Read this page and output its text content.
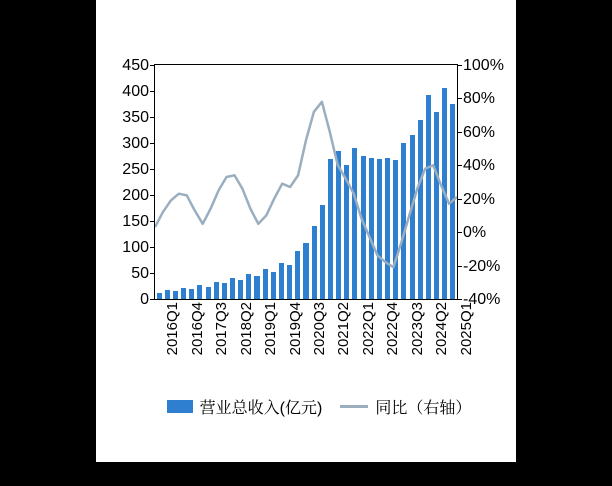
0
50
100
150
200
250
300
350
400
450
-40%
-20%
0%
20%
40%
60%
80%
100%
2016Q1 2016Q4 2017Q3 2018Q2 2019Q1 2019Q4 2020Q3 2021Q2 2022Q1 2022Q4 2023Q3 2024Q2 2025Q1
营业总收入(亿元)	同比（右轴）
